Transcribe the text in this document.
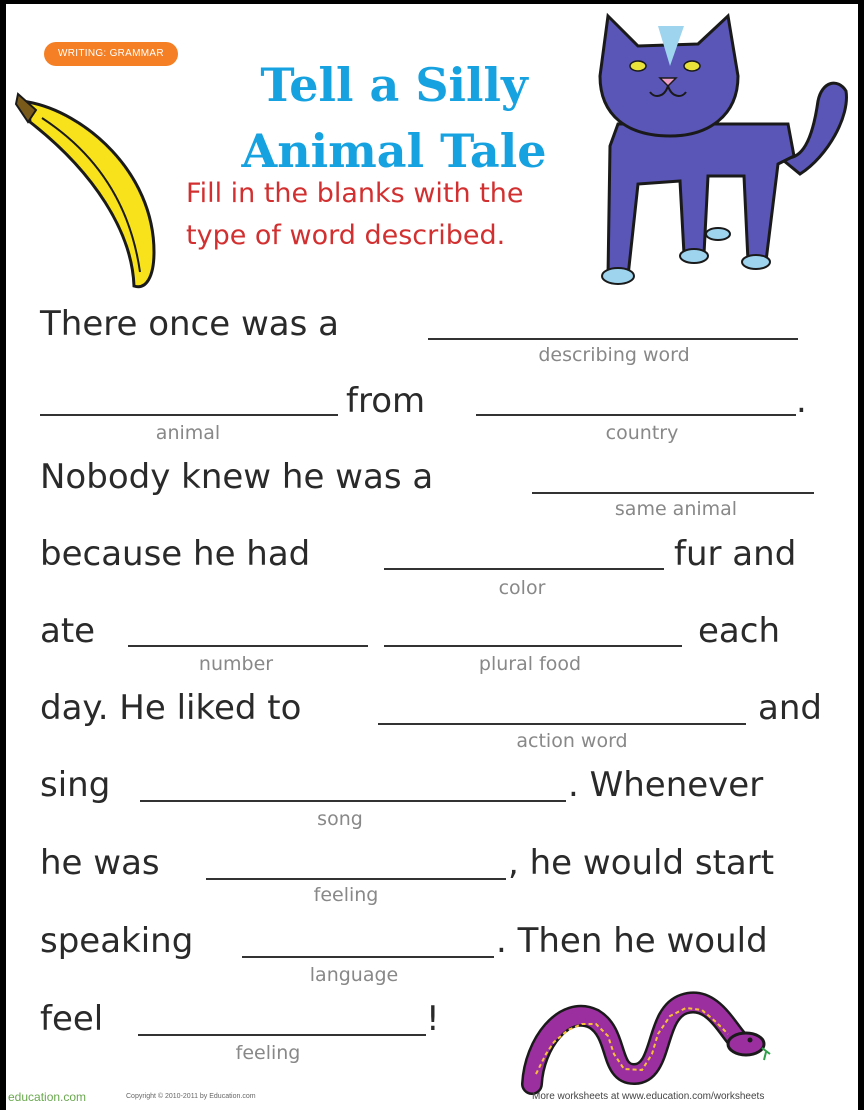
WRITING: GRAMMAR
Tell a Silly
Animal Tale
Fill in the blanks with the
type of word described.
There once was a
describing word
from	.
animal	country
Nobody knew he was a
same animal
because he had	fur and
color
ate	each
number	plural food
day. He liked to	and
action word
sing	. Whenever
song
he was	, he would start
feeling
speaking	. Then he would
language
feel	!
feeling
education.com	Copyright © 2010-2011 by Education.com	More worksheets at www.education.com/worksheets
